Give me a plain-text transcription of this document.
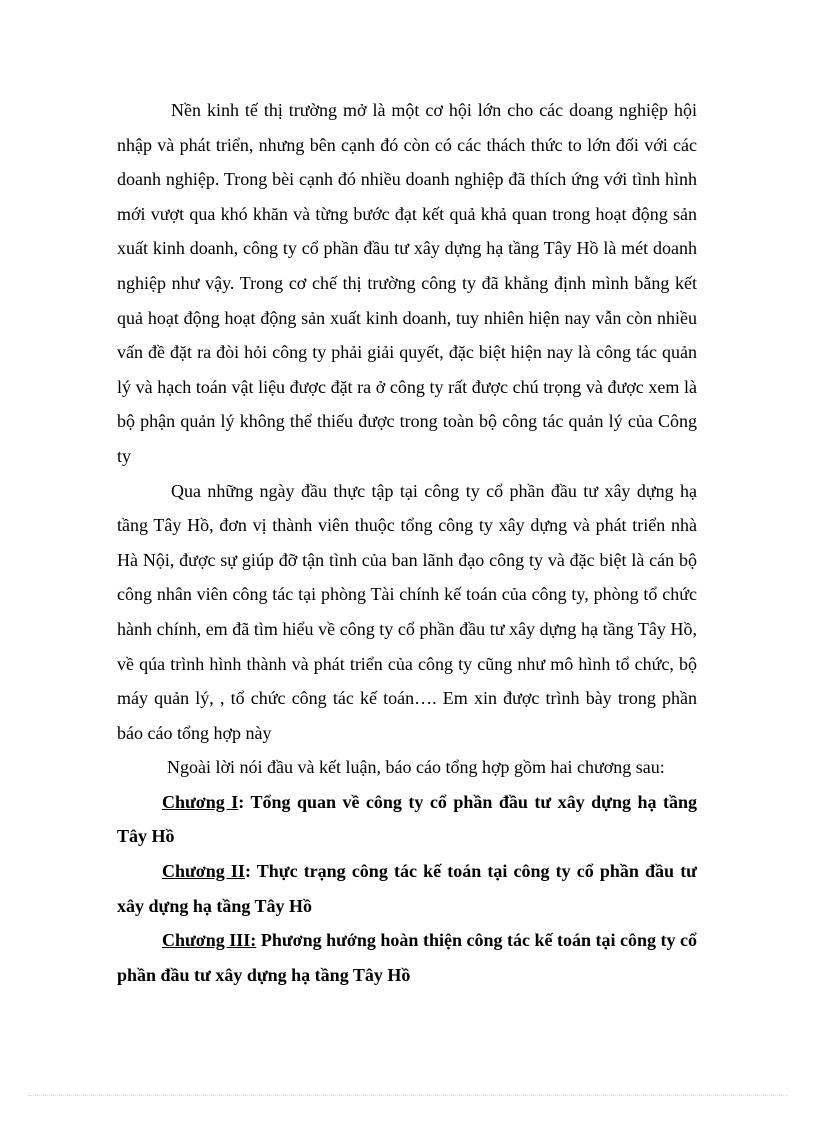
Nền kinh tế thị trường mở là một cơ hội lớn cho các doang nghiệp hội nhập và phát triển, nhưng bên cạnh đó còn có các thách thức to lớn đối với các doanh nghiệp. Trong bèi cạnh đó nhiều doanh nghiệp đã thích ứng với tình hình mới vượt qua khó khăn và từng bước đạt kết quả khả quan trong hoạt động sản xuất kinh doanh, công ty cổ phần đầu tư xây dựng hạ tầng Tây Hồ là mét doanh nghiệp như vậy. Trong cơ chế thị trường công ty đã khẳng định mình bằng kết quả hoạt động hoạt động sản xuất kinh doanh, tuy nhiên hiện nay vẫn còn nhiều vấn đề đặt ra đòi hỏi công ty phải giải quyết, đặc biệt hiện nay là công tác quản lý và hạch toán vật liệu được đặt ra ở công ty rất được chú trọng và được xem là bộ phận quản lý không thể thiếu được trong toàn bộ công tác quản lý của Công ty

Qua những ngày đầu thực tập tại công ty cổ phần đầu tư xây dựng hạ tầng Tây Hồ, đơn vị thành viên thuộc tổng công ty xây dựng và phát triển nhà Hà Nội, được sự giúp đỡ tận tình của ban lãnh đạo công ty và đặc biệt là cán bộ công nhân viên công tác tại phòng Tài chính kế toán của công ty, phòng tổ chức hành chính, em đã tìm hiểu về công ty cổ phần đầu tư xây dựng hạ tầng Tây Hồ, về qúa trình hình thành và phát triển của công ty cũng như mô hình tổ chức, bộ máy quản lý, , tổ chức công tác kế toán…. Em xin được trình bày trong phần báo cáo tổng hợp này

Ngoài lời nói đầu và kết luận, báo cáo tổng hợp gồm hai chương sau:

Chương I: Tổng quan về công ty cổ phần đầu tư xây dựng hạ tầng Tây Hồ

Chương II: Thực trạng công tác kế toán tại công ty cổ phần đầu tư xây dựng hạ tầng Tây Hồ

Chương III: Phương hướng hoàn thiện công tác kế toán tại công ty cổ phần đầu tư xây dựng hạ tầng Tây Hồ
